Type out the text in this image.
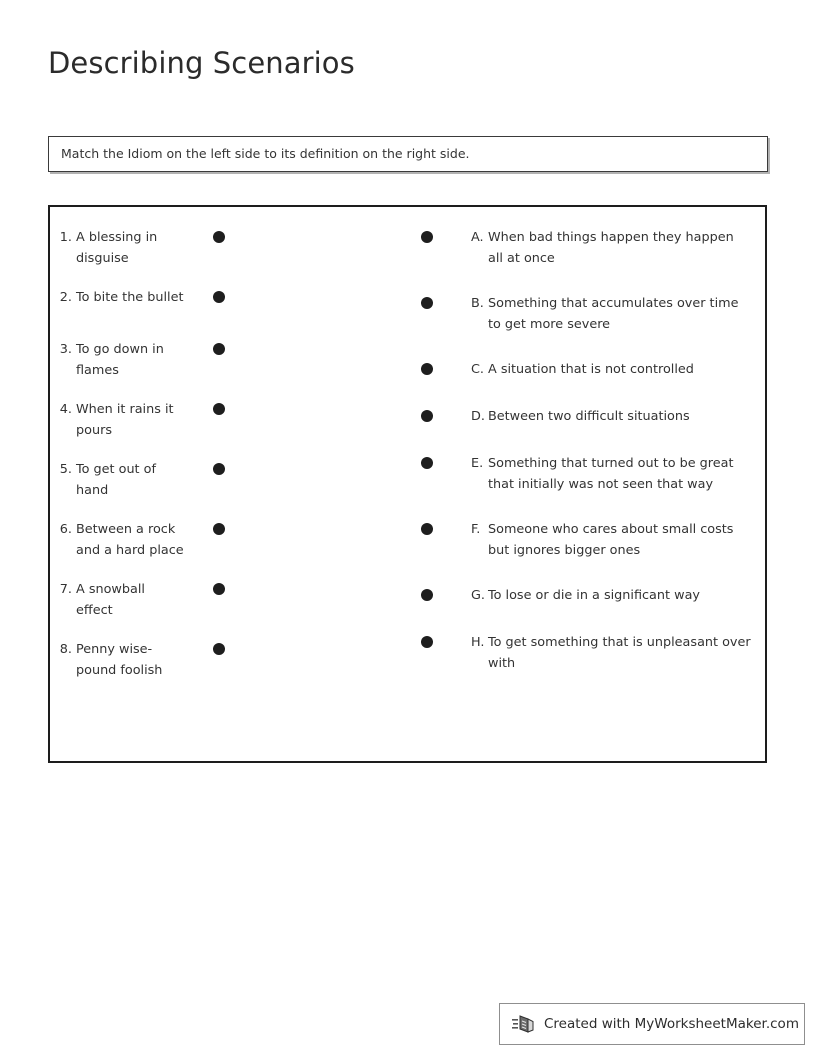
Describing Scenarios
Match the Idiom on the left side to its definition on the right side.
1. A blessing in disguise
2. To bite the bullet
3. To go down in flames
4. When it rains it pours
5. To get out of hand
6. Between a rock and a hard place
7. A snowball effect
8. Penny wise-pound foolish
A. When bad things happen they happen all at once
B. Something that accumulates over time to get more severe
C. A situation that is not controlled
D. Between two difficult situations
E. Something that turned out to be great that initially was not seen that way
F. Someone who cares about small costs but ignores bigger ones
G. To lose or die in a significant way
H. To get something that is unpleasant over with
Created with MyWorksheetMaker.com
